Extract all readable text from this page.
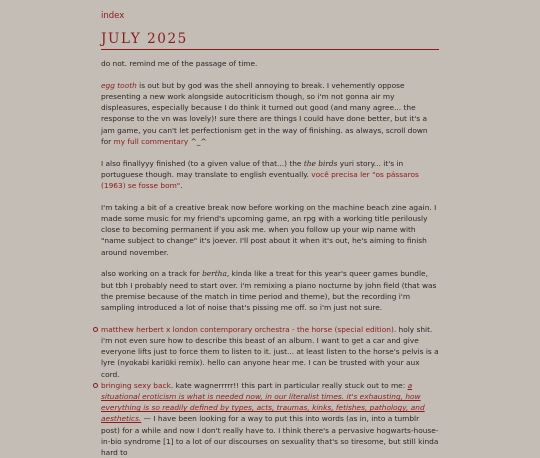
index
JULY 2025

do not. remind me of the passage of time.

egg tooth is out but by god was the shell annoying to break. I vehemently oppose presenting a new work alongside autocriticism though, so i'm not gonna air my displeasures, especially because I do think it turned out good (and many agree... the response to the vn was lovely)! sure there are things I could have done better, but it's a jam game, you can't let perfectionism get in the way of finishing. as always, scroll down for my full commentary ^_^

I also finallyyy finished (to a given value of that...) the the birds yuri story... it's in portuguese though. may translate to english eventually. você precisa ler "os pássaros (1963) se fosse bom".

I'm taking a bit of a creative break now before working on the machine beach zine again. I made some music for my friend's upcoming game, an rpg with a working title perilously close to becoming permanent if you ask me. when you follow up your wip name with "name subject to change" it's joever. I'll post about it when it's out, he's aiming to finish around november.

also working on a track for bertha, kinda like a treat for this year's queer games bundle, but tbh I probably need to start over. i'm remixing a piano nocturne by john field (that was the premise because of the match in time period and theme), but the recording i'm sampling introduced a lot of noise that's pissing me off. so i'm just not sure.

matthew herbert x london contemporary orchestra - the horse (special edition). holy shit. i'm not even sure how to describe this beast of an album. I want to get a car and give everyone lifts just to force them to listen to it. just... at least listen to the horse's pelvis is a lyre (nyokabi kariūki remix). hello can anyone hear me. I can be trusted with your aux cord.
bringing sexy back. kate wagnerrrrr!! this part in particular really stuck out to me: a situational eroticism is what is needed now, in our literalist times. it's exhausting, how everything is so readily defined by types, acts, traumas, kinks, fetishes, pathology, and aesthetics. — I have been looking for a way to put this into words (as in, into a tumblr post) for a while and now I don't really have to. I think there's a pervasive hogwarts-house-in-bio syndrome [1] to a lot of our discourses on sexuality that's so tiresome, but still kinda hard to
